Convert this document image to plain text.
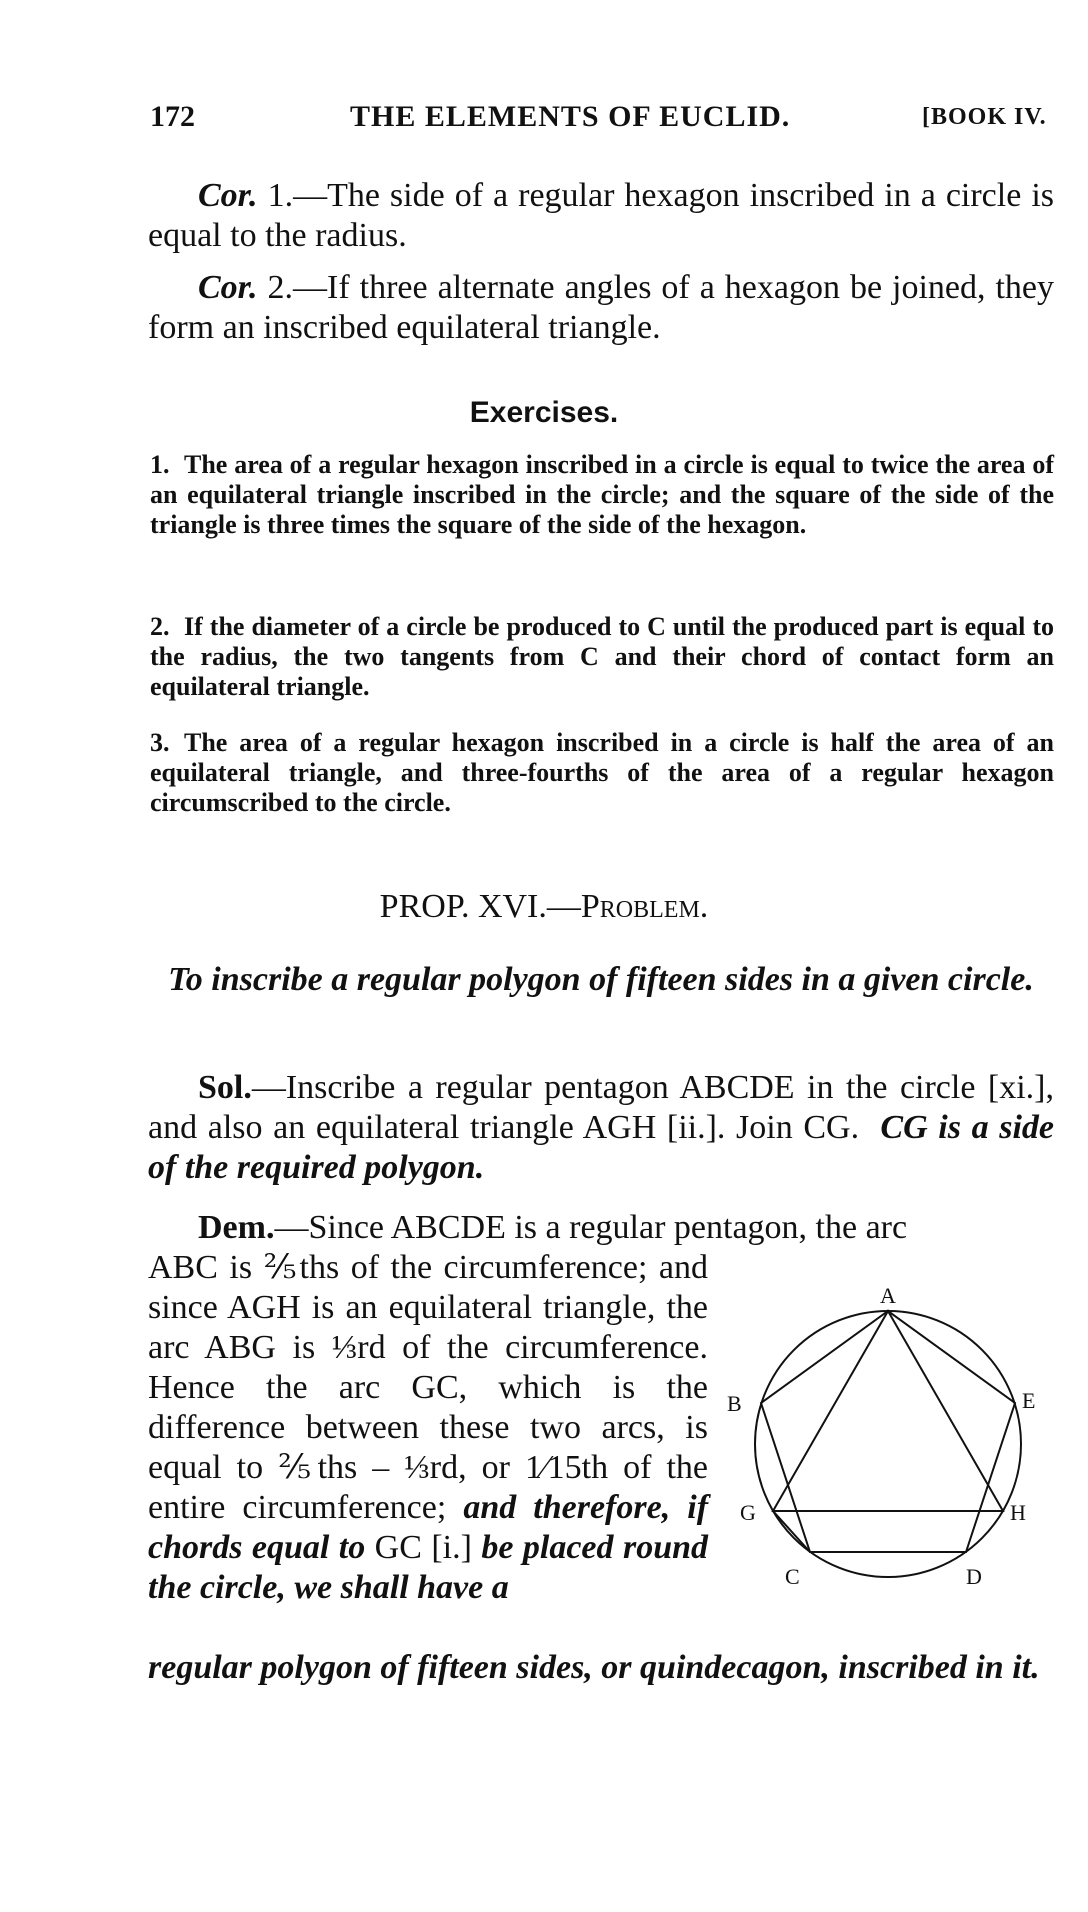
172	THE ELEMENTS OF EUCLID.	[BOOK IV.
Cor. 1.—The side of a regular hexagon inscribed in a circle is equal to the radius.
Cor. 2.—If three alternate angles of a hexagon be joined, they form an inscribed equilateral triangle.
Exercises.
1. The area of a regular hexagon inscribed in a circle is equal to twice the area of an equilateral triangle inscribed in the circle; and the square of the side of the triangle is three times the square of the side of the hexagon.
2. If the diameter of a circle be produced to C until the produced part is equal to the radius, the two tangents from C and their chord of contact form an equilateral triangle.
3. The area of a regular hexagon inscribed in a circle is half the area of an equilateral triangle, and three-fourths of the area of a regular hexagon circumscribed to the circle.
PROP. XVI.—Problem.
To inscribe a regular polygon of fifteen sides in a given circle.
Sol.—Inscribe a regular pentagon ABCDE in the circle [xi.], and also an equilateral triangle AGH [ii.]. Join CG. CG is a side of the required polygon.
Dem.—Since ABCDE is a regular pentagon, the arc
ABC is ⅖ths of the circumference; and since AGH is an equilateral triangle, the arc ABG is ⅓rd of the circumference. Hence the arc GC, which is the difference between these two arcs, is equal to ⅖ths – ⅓rd, or 1⁄15th of the entire circumference; and therefore, if chords equal to GC [i.] be placed round the circle, we shall have a
regular polygon of fifteen sides, or quindecagon, inscribed in it.
A
B
C	D
E
G	H
